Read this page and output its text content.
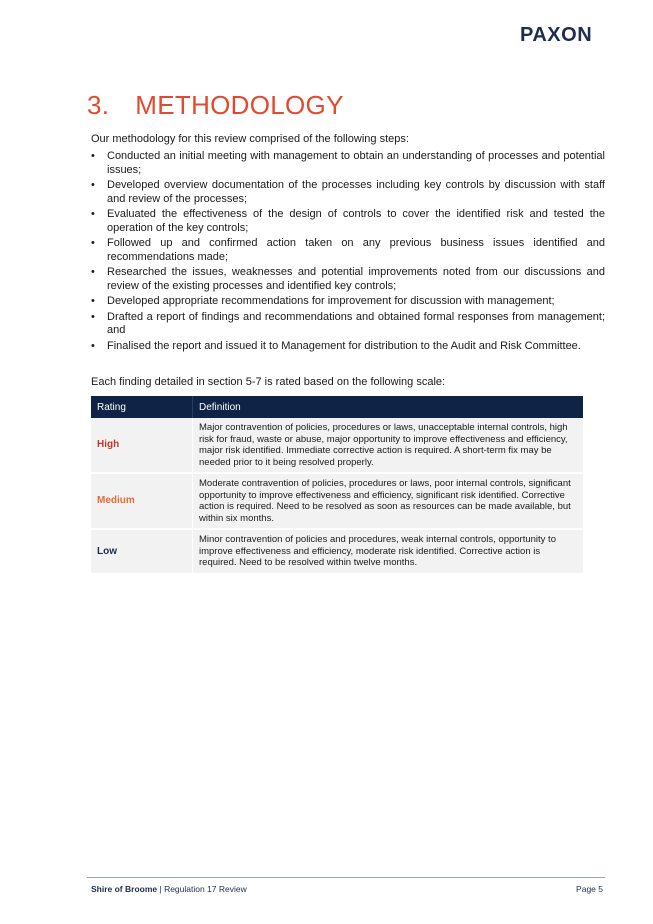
PAXON
3. METHODOLOGY
Our methodology for this review comprised of the following steps:
• Conducted an initial meeting with management to obtain an understanding of processes and potential issues;
• Developed overview documentation of the processes including key controls by discussion with staff and review of the processes;
• Evaluated the effectiveness of the design of controls to cover the identified risk and tested the operation of the key controls;
• Followed up and confirmed action taken on any previous business issues identified and recommendations made;
• Researched the issues, weaknesses and potential improvements noted from our discussions and review of the existing processes and identified key controls;
• Developed appropriate recommendations for improvement for discussion with management;
• Drafted a report of findings and recommendations and obtained formal responses from management; and
• Finalised the report and issued it to Management for distribution to the Audit and Risk Committee.
Each finding detailed in section 5-7 is rated based on the following scale:
Rating	Definition
High	Major contravention of policies, procedures or laws, unacceptable internal controls, high risk for fraud, waste or abuse, major opportunity to improve effectiveness and efficiency, major risk identified. Immediate corrective action is required. A short-term fix may be needed prior to it being resolved properly.
Medium	Moderate contravention of policies, procedures or laws, poor internal controls, significant opportunity to improve effectiveness and efficiency, significant risk identified. Corrective action is required. Need to be resolved as soon as resources can be made available, but within six months.
Low	Minor contravention of policies and procedures, weak internal controls, opportunity to improve effectiveness and efficiency, moderate risk identified. Corrective action is required. Need to be resolved within twelve months.
Shire of Broome | Regulation 17 Review	Page 5
